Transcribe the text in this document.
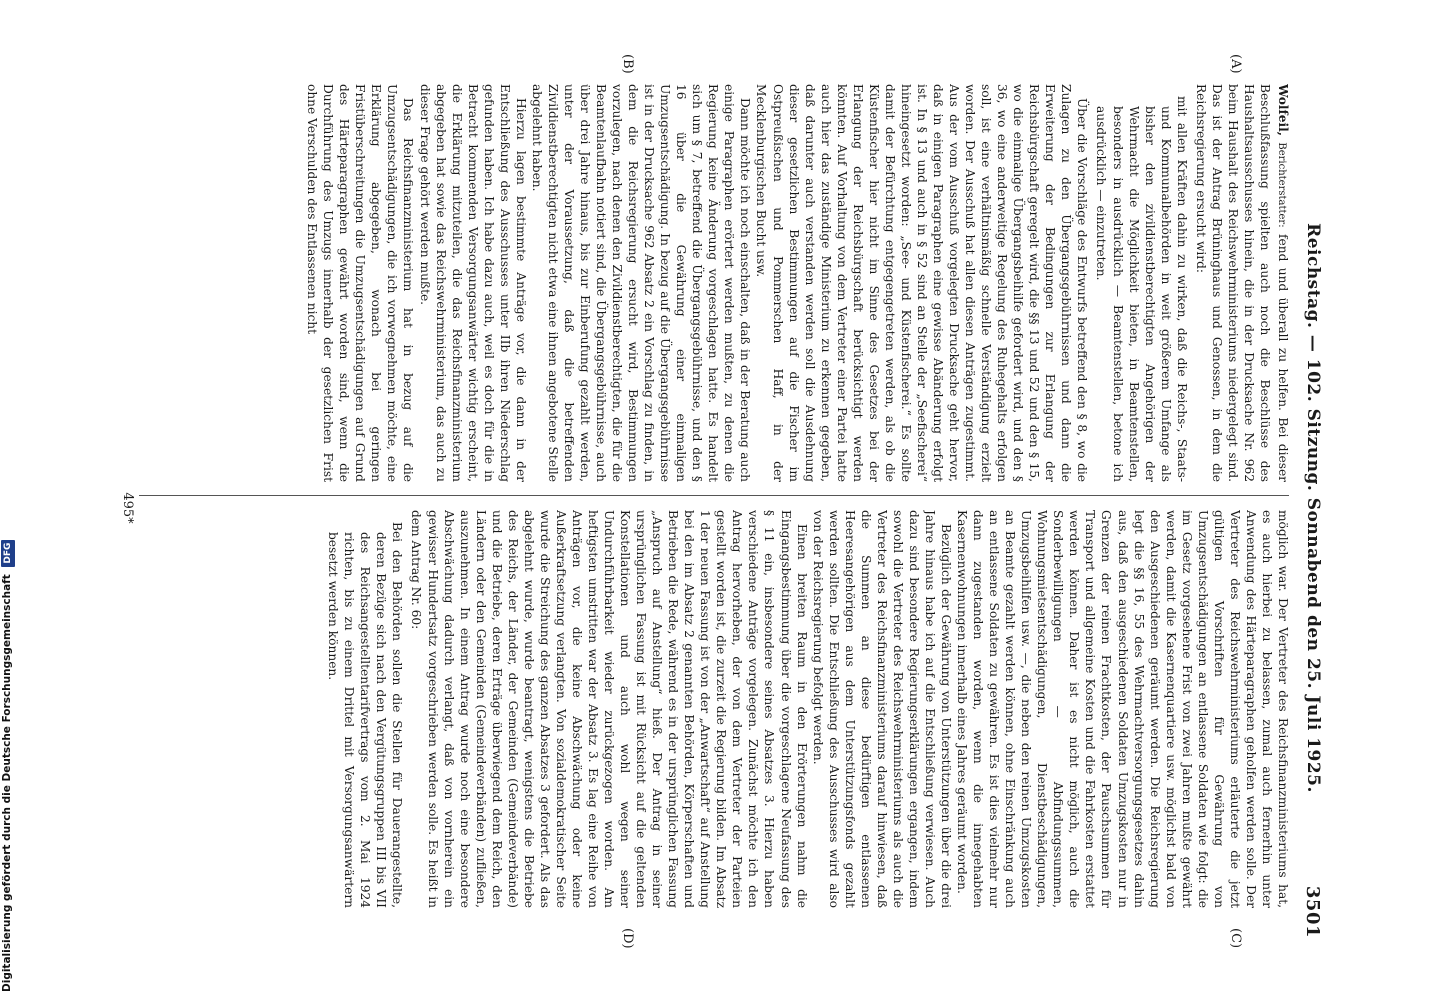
Reichstag. — 102. Sitzung. Sonnabend den 25. Juli 1925.
3501
(A)
(B)
(C)
(D)

Wolfeil, Berichterstatter: fend und überall zu helfen. Bei dieser Beschlußfassung spielten auch noch die Beschlüsse des Haushaltsausschusses hinein, die in der Drucksache Nr. 962 beim Haushalt des Reichswehrministeriums niedergelegt sind. Das ist der Antrag Brüninghaus und Genossen, in dem die Reichsregierung ersucht wird:

mit allen Kräften dahin zu wirken, daß die Reichs-, Staats- und Kommunalbehörden in weit größerem Umfange als bisher den zivildienstberechtigten Angehörigen der Wehrmacht die Möglichkeit bieten, in Beamtenstellen, besonders in ausdrücklich — Beamtenstellen, betone ich ausdrücklich — einzutreten.

Über die Vorschläge des Entwurfs betreffend den § 8, wo die Zulagen zu den Übergangsgebührnissen und dann die Erweiterung der Bedingungen zur Erlangung der Reichsbürgschaft geregelt wird, die §§ 13 und 52 und den § 15, wo die einmalige Übergangsbeihilfe gefordert wird, und den § 36, wo eine anderweitige Regelung des Ruhegehalts erfolgen soll, ist eine verhältnismäßig schnelle Verständigung erzielt worden. Der Ausschuß hat allen diesen Anträgen zugestimmt. Aus der vom Ausschuß vorgelegten Drucksache geht hervor, daß in einigen Paragraphen eine gewisse Abänderung erfolgt ist. In § 13 und auch in § 52 sind an Stelle der „Seefischerei“ hineingesetzt worden: „See- und Küstenfischerei.“ Es sollte damit der Befürchtung entgegengetreten werden, als ob die Küstenfischer hier nicht im Sinne des Gesetzes bei der Erlangung der Reichsbürgschaft berücksichtigt werden könnten. Auf Vorhaltung von dem Vertreter einer Partei hatte auch hier das zuständige Ministerium zu erkennen gegeben, daß darunter auch verstanden werden soll die Ausdehnung dieser gesetzlichen Bestimmungen auf die Fischer im Ostpreußischen und Pommerschen Haff, in der Mecklenburgischen Bucht usw.

Dann möchte ich noch einschalten, daß in der Beratung auch einige Paragraphen erörtert werden mußten, zu denen die Regierung keine Änderung vorgeschlagen hatte. Es handelt sich um § 7, betreffend die Übergangsgebührnisse, und den § 16 über die Gewährung einer einmaligen Umzugsentschädigung. In bezug auf die Übergangsgebührnisse ist in der Drucksache 962 Absatz 2 ein Vorschlag zu finden, in dem die Reichsregierung ersucht wird, Bestimmungen vorzulegen, nach denen den Zivildienstberechtigten, die für die Beamtenlaufbahn notiert sind, die Übergangsgebührnisse, auch über drei Jahre hinaus, bis zur Einberufung gezahlt werden, unter der Voraussetzung, daß die betreffenden Zivildienstberechtigten nicht etwa eine ihnen angebotene Stelle abgelehnt haben.

Hierzu lagen bestimmte Anträge vor, die dann in der Entschließung des Ausschusses unter IIb ihren Niederschlag gefunden haben. Ich habe dazu auch, weil es doch für die in Betracht kommenden Versorgungsanwärter wichtig erscheint, die Erklärung mitzuteilen, die das Reichsfinanzministerium abgegeben hat sowie das Reichswehrministerium, das auch zu dieser Frage gehört werden mußte.

Das Reichsfinanzministerium hat in bezug auf die Umzugsentschädigungen, die ich vorwegnehmen möchte, eine Erklärung abgegeben, wonach bei geringen Fristüberschreitungen die Umzugsentschädigungen auf Grund des Härteparagraphen gewährt worden sind, wenn die Durchführung des Umzugs innerhalb der gesetzlichen Frist ohne Verschulden des Entlassenen nicht

möglich war. Der Vertreter des Reichsfinanzministeriums hat, es auch hierbei zu belassen, zumal auch fernerhin unter Anwendung des Härteparagraphen geholfen werden solle. Der Vertreter des Reichswehrministeriums erläuterte die jetzt gültigen Vorschriften für Gewährung von Umzugsentschädigungen an entlassene Soldaten wie folgt: die im Gesetz vorgesehene Frist von zwei Jahren mußte gewährt werden, damit die Kasernenquartiere usw. möglichst bald von den Ausgeschiedenen geräumt werden. Die Reichsregierung legt die §§ 16, 55 des Wehrmachtversorgungsgesetzes dahin aus, daß den ausgeschiedenen Soldaten Umzugskosten nur in Grenzen der reinen Frachtkosten, der Pauschsummen für Transport und allgemeine Kosten und die Fahrkosten erstattet werden können. Daher ist es nicht möglich, auch die Sonderbewilligungen — Abfindungssummen, Wohnungsmietsentschädigungen, Dienstbeschädigungen, Umzugsbeihilfen usw. —, die neben den reinen Umzugskosten an Beamte gezahlt werden können, ohne Einschränkung auch an entlassene Soldaten zu gewähren. Es ist dies vielmehr nur dann zugestanden worden, wenn die innegehabten Kasernenwohnungen innerhalb eines Jahres geräumt worden.

Bezüglich der Gewährung von Unterstützungen über die drei Jahre hinaus habe ich auf die Entschließung verwiesen. Auch dazu sind besondere Regierungserklärungen ergangen, indem sowohl die Vertreter des Reichswehrministeriums als auch die Vertreter des Reichsfinanzministeriums darauf hinwiesen, daß die Summen an diese bedürftigen entlassenen Heeresangehörigen aus dem Unterstützungsfonds gezahlt werden sollten. Die Entschließung des Ausschusses wird also von der Reichsregierung befolgt werden.

Einen breiten Raum in den Erörterungen nahm die Eingangsbestimmung über die vorgeschlagene Neufassung des § 11 ein, insbesondere seines Absatzes 3. Hierzu haben verschiedene Anträge vorgelegen. Zunächst möchte ich den Antrag hervorheben, der von dem Vertreter der Parteien gestellt worden ist, die zurzeit die Regierung bilden. Im Absatz 1 der neuen Fassung ist von der „Anwartschaft“ auf Anstellung bei den im Absatz 2 genannten Behörden, Körperschaften und Betrieben die Rede, während es in der ursprünglichen Fassung „Anspruch auf Anstellung“ hieß. Der Antrag in seiner ursprünglichen Fassung ist mit Rücksicht auf die geltenden Konstellationen und auch wohl wegen seiner Undurchführbarkeit wieder zurückgezogen worden. Am heftigsten umstritten war der Absatz 3. Es lag eine Reihe von Anträgen vor, die keine Abschwächung oder keine Außerkraftsetzung verlangten. Von sozialdemokratischer Seite wurde die Streichung des ganzen Absatzes 3 gefordert. Als das abgelehnt wurde, wurde beantragt, wenigstens die Betriebe des Reichs, der Länder, der Gemeinden (Gemeindeverbände) und die Betriebe, deren Erträge überwiegend dem Reich, den Ländern oder den Gemeinden (Gemeindeverbänden) zufließen, auszunehmen. In einem Antrag wurde noch eine besondere Abschwächung dadurch verlangt, daß von vornherein ein gewisser Hundertsatz vorgeschrieben werden solle. Es heißt in dem Antrag Nr. 60:

Bei den Behörden sollen die Stellen für Dauerangestellte, deren Bezüge sich nach den Vergütungsgruppen III bis VII des Reichsangestelltentarifvertrags vom 2. Mai 1924 richten, bis zu einem Drittel mit Versorgungsanwärtern besetzt werden können.

495*
Digitalisierung gefördert durch die Deutsche Forschungsgemeinschaft DFG
